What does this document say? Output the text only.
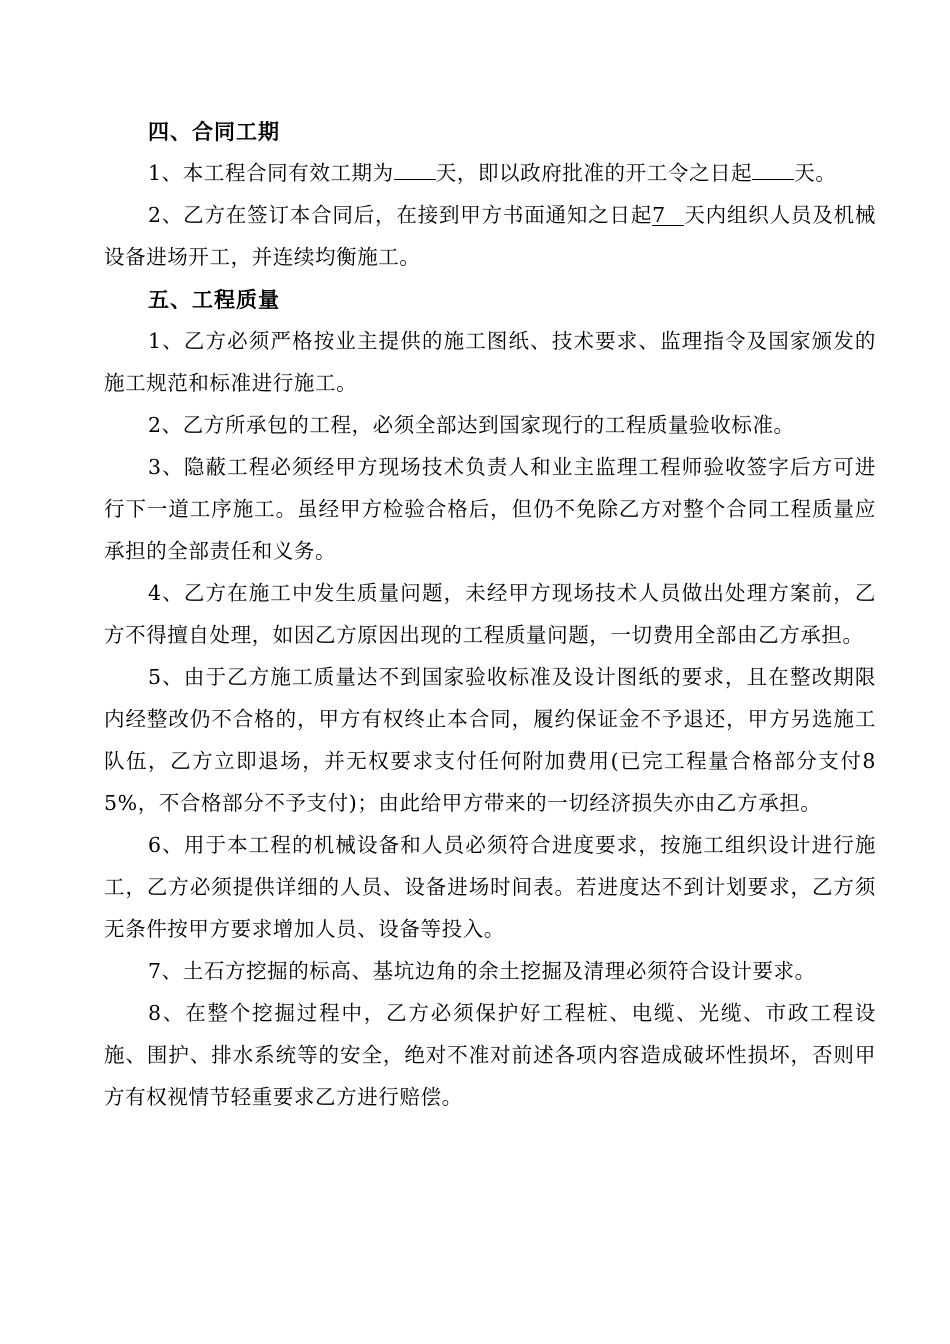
四、合同工期

1、本工程合同有效工期为 天，即以政府批准的开工令之日起 天。

2、乙方在签订本合同后，在接到甲方书面通知之日起7 天内组织人员及机械设备进场开工，并连续均衡施工。

五、工程质量

1、乙方必须严格按业主提供的施工图纸、技术要求、监理指令及国家颁发的施工规范和标准进行施工。

2、乙方所承包的工程，必须全部达到国家现行的工程质量验收标准。

3、隐蔽工程必须经甲方现场技术负责人和业主监理工程师验收签字后方可进行下一道工序施工。虽经甲方检验合格后，但仍不免除乙方对整个合同工程质量应承担的全部责任和义务。

4、乙方在施工中发生质量问题，未经甲方现场技术人员做出处理方案前，乙方不得擅自处理，如因乙方原因出现的工程质量问题，一切费用全部由乙方承担。

5、由于乙方施工质量达不到国家验收标准及设计图纸的要求，且在整改期限内经整改仍不合格的，甲方有权终止本合同，履约保证金不予退还，甲方另选施工队伍，乙方立即退场，并无权要求支付任何附加费用(已完工程量合格部分支付85%，不合格部分不予支付)；由此给甲方带来的一切经济损失亦由乙方承担。

6、用于本工程的机械设备和人员必须符合进度要求，按施工组织设计进行施工，乙方必须提供详细的人员、设备进场时间表。若进度达不到计划要求，乙方须无条件按甲方要求增加人员、设备等投入。

7、土石方挖掘的标高、基坑边角的余土挖掘及清理必须符合设计要求。

8、在整个挖掘过程中，乙方必须保护好工程桩、电缆、光缆、市政工程设施、围护、排水系统等的安全，绝对不准对前述各项内容造成破坏性损坏，否则甲方有权视情节轻重要求乙方进行赔偿。
